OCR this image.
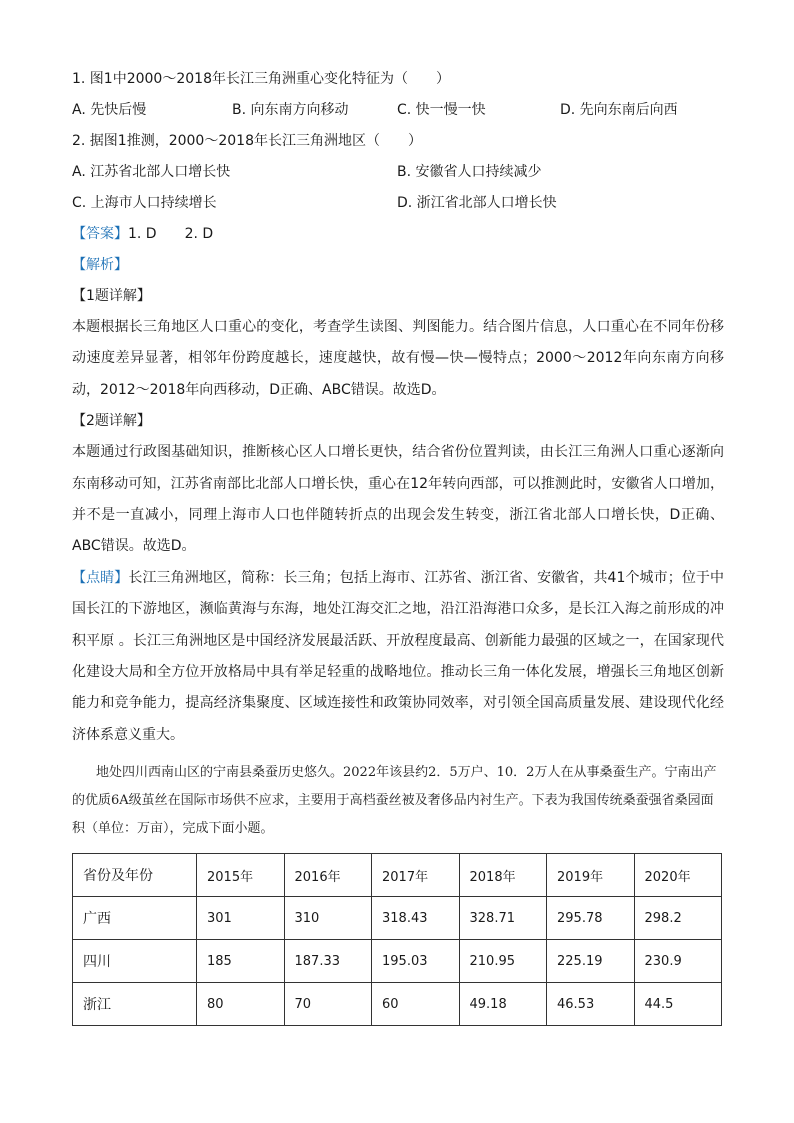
1. 图1中2000～2018年长江三角洲重心变化特征为（　　）
A. 先快后慢	B. 向东南方向移动	C. 快一慢一快	D. 先向东南后向西
2. 据图1推测，2000～2018年长江三角洲地区（　　）
A. 江苏省北部人口增长快	B. 安徽省人口持续减少
C. 上海市人口持续增长	D. 浙江省北部人口增长快
【答案】1. D　　2. D
【解析】
【1题详解】
本题根据长三角地区人口重心的变化，考查学生读图、判图能力。结合图片信息，人口重心在不同年份移动速度差异显著，相邻年份跨度越长，速度越快，故有慢—快—慢特点；2000～2012年向东南方向移动，2012～2018年向西移动，D正确、ABC错误。故选D。
【2题详解】
本题通过行政图基础知识，推断核心区人口增长更快，结合省份位置判读，由长江三角洲人口重心逐渐向东南移动可知，江苏省南部比北部人口增长快，重心在12年转向西部，可以推测此时，安徽省人口增加，并不是一直减小，同理上海市人口也伴随转折点的出现会发生转变，浙江省北部人口增长快，D正确、ABC错误。故选D。
【点睛】长江三角洲地区，简称：长三角；包括上海市、江苏省、浙江省、安徽省，共41个城市；位于中国长江的下游地区，濒临黄海与东海，地处江海交汇之地，沿江沿海港口众多，是长江入海之前形成的冲积平原 。长江三角洲地区是中国经济发展最活跃、开放程度最高、创新能力最强的区域之一，在国家现代化建设大局和全方位开放格局中具有举足轻重的战略地位。推动长三角一体化发展，增强长三角地区创新能力和竞争能力，提高经济集聚度、区域连接性和政策协同效率，对引领全国高质量发展、建设现代化经济体系意义重大。
地处四川西南山区的宁南县桑蚕历史悠久。2022年该县约2．5万户、10．2万人在从事桑蚕生产。宁南出产的优质6A级茧丝在国际市场供不应求，主要用于高档蚕丝被及奢侈品内衬生产。下表为我国传统桑蚕强省桑园面积（单位：万亩），完成下面小题。
省份及年份	2015年	2016年	2017年	2018年	2019年	2020年
广西	301	310	318.43	328.71	295.78	298.2
四川	185	187.33	195.03	210.95	225.19	230.9
浙江	80	70	60	49.18	46.53	44.5
